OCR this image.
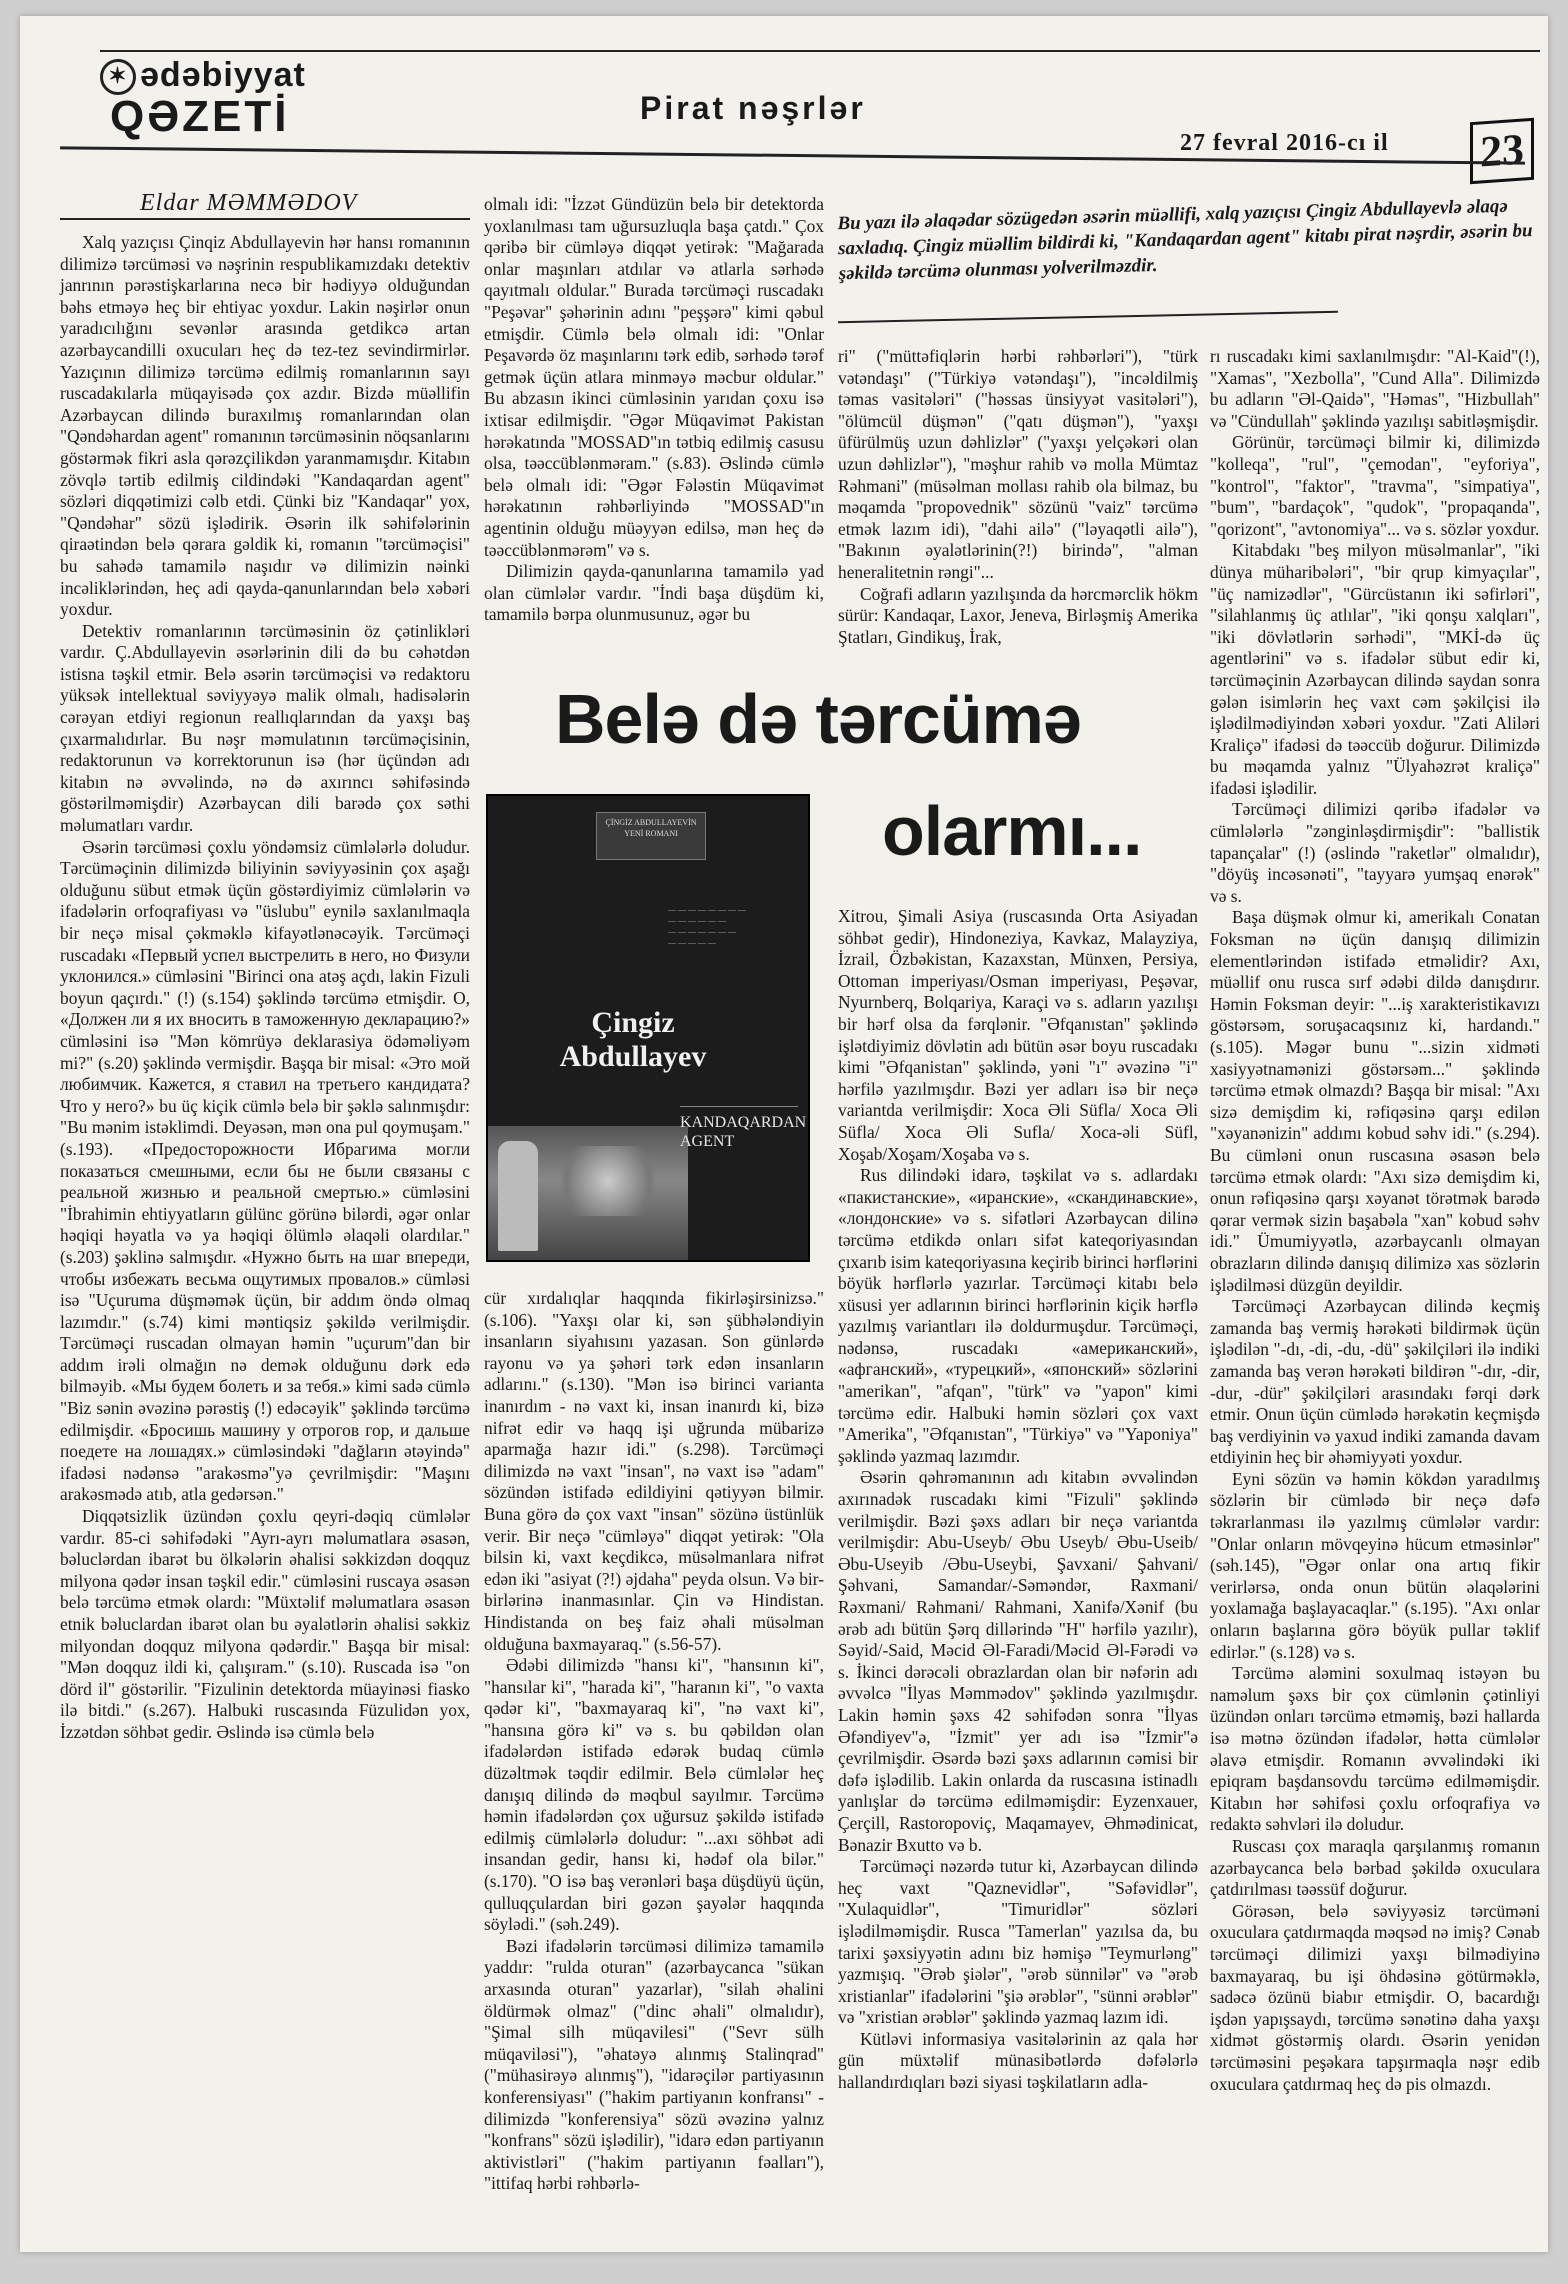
✶ ədəbiyyat
QƏZETİ	Pirat nəşrlər
27 fevral 2016-cı il 23
Eldar MƏMMƏDOV	Bu yazı ilə əlaqədar sözügedən əsərin müəllifi, xalq yazıçısı Çingiz Abdullayevlə əlaqə saxladıq. Çingiz müəllim bildirdi ki, "Kandaqardan agent" kitabı pirat nəşrdir, əsərin bu şəkildə tərcümə olunması yolverilməzdir.

Xalq yazıçısı Çinqiz Abdullayevin hər hansı romanının dilimizə tərcüməsi və nəşrinin respublikamızdakı detektiv janrının pərəstişkarlarına necə bir hədiyyə olduğundan bəhs etməyə heç bir ehtiyac yoxdur. Lakin nəşirlər onun yaradıcılığını sevənlər arasında getdikcə artan azərbaycandilli oxucuları heç də tez-tez sevindirmirlər. Yazıçının dilimizə tərcümə edilmiş romanlarının sayı ruscadakılarla müqayisədə çox azdır. Bizdə müəllifin Azərbaycan dilində buraxılmış romanlarından olan "Qəndəhardan agent" romanının tərcüməsinin nöqsanlarını göstərmək fikri asla qərəzçilikdən yaranmamışdır. Kitabın zövqlə tərtib edilmiş cildindəki "Kandaqardan agent" sözləri diqqətimizi cəlb etdi. Çünki biz "Kandaqar" yox, "Qəndəhar" sözü işlədirik. Əsərin ilk səhifələrinin qiraətindən belə qərara gəldik ki, romanın "tərcüməçisi" bu sahədə tamamilə naşıdır və dilimizin nəinki incəliklərindən, heç adi qayda-qanunlarından belə xəbəri yoxdur.

Detektiv romanlarının tərcüməsinin öz çətinlikləri vardır. Ç.Abdullayevin əsərlərinin dili də bu cəhətdən istisna təşkil etmir. Belə əsərin tərcüməçisi və redaktoru yüksək intellektual səviyyəyə malik olmalı, hadisələrin cərəyan etdiyi regionun reallıqlarından da yaxşı baş çıxarmalıdırlar. Bu nəşr məmulatının tərcüməçisinin, redaktorunun və korrektorunun isə (hər üçündən adı kitabın nə əvvəlində, nə də axırıncı səhifəsində göstərilməmişdir) Azərbaycan dili barədə çox səthi məlumatları vardır.

Əsərin tərcüməsi çoxlu yöndəmsiz cümlələrlə doludur. Tərcüməçinin dilimizdə biliyinin səviyyəsinin çox aşağı olduğunu sübut etmək üçün göstərdiyimiz cümlələrin və ifadələrin orfoqrafiyası və "üslubu" eynilə saxlanılmaqla bir neçə misal çəkməklə kifayətlənəcəyik. Tərcüməçi ruscadakı «Первый успел выстрелить в него, но Физули уклонился.» cümləsini "Birinci ona atəş açdı, lakin Fizuli boyun qaçırdı." (!) (s.154) şəklində tərcümə etmişdir. O, «Должен ли я их вносить в таможенную декларацию?» cümləsini isə "Mən kömrüyə deklarasiya ödəməliyəm mi?" (s.20) şəklində vermişdir. Başqa bir misal: «Это мой любимчик. Кажется, я ставил на третьего кандидата? Что у него?» bu üç kiçik cümlə belə bir şəklə salınmışdır: "Bu mənim istəklimdi. Deyəsən, mən ona pul qoymuşam." (s.193). «Предосторожности Ибрагима могли показаться смешными, если бы не были связаны с реальной жизнью и реальной смертью.» cümləsini "İbrahimin ehtiyyatların gülünc görünə bilərdi, əgər onlar həqiqi həyatla və ya həqiqi ölümlə əlaqəli olardılar." (s.203) şəklinə salmışdır. «Нужно быть на шаг впереди, чтобы избежать весьма ощутимых провалов.» cümləsi isə "Uçuruma düşməmək üçün, bir addım öndə olmaq lazımdır." (s.74) kimi məntiqsiz şəkildə verilmişdir. Tərcüməçi ruscadan olmayan həmin "uçurum"dan bir addım irəli olmağın nə demək olduğunu dərk edə bilməyib. «Мы будем болеть и за тебя.» kimi sadə cümlə "Biz sənin əvəzinə pərəstiş (!) edəcəyik" şəklində tərcümə edilmişdir. «Бросишь машину у отрогов гор, и дальше поедете на лошадях.» cümləsindəki "dağların ətəyində" ifadəsi nədənsə "arakəsmə"yə çevrilmişdir: "Maşını arakəsmədə atıb, atla gedərsən."

Diqqətsizlik üzündən çoxlu qeyri-dəqiq cümlələr vardır. 85-ci səhifədəki "Ayrı-ayrı məlumatlara əsasən, bəluclərdan ibarət bu ölkələrin əhalisi səkkizdən doqquz milyona qədər insan təşkil edir." cümləsini ruscaya əsasən belə tərcümə etmək olardı: "Müxtəlif məlumatlara əsasən etnik bəluclardan ibarət olan bu əyalətlərin əhalisi səkkiz milyondan doqquz milyona qədərdir." Başqa bir misal: "Mən doqquz ildi ki, çalışıram." (s.10). Ruscada isə "on dörd il" göstərilir. "Fizulinin detektordа müayinəsi fiasko ilə bitdi." (s.267). Halbuki ruscasında Füzulidən yox, İzzətdən söhbət gedir. Əslində isə cümlə belə

olmalı idi: "İzzət Gündüzün belə bir detektorda yoxlanılması tam uğursuzluqla başa çatdı." Çox qəribə bir cümləyə diqqət yetirək: "Mağarada onlar maşınları atdılar və atlarla sərhədə qayıtmalı oldular." Burada tərcüməçi ruscadakı "Peşəvar" şəhərinin adını "peşşərə" kimi qəbul etmişdir. Cümlə belə olmalı idi: "Onlar Peşavərdə öz maşınlarını tərk edib, sərhədə tərəf getmək üçün atlara minməyə məcbur oldular." Bu abzasın ikinci cümləsinin yarıdan çoxu isə ixtisar edilmişdir. "Əgər Müqavimət Pakistan hərəkatında "MOSSAD"ın tətbiq edilmiş casusu olsa, təəccüblənməram." (s.83). Əslində cümlə belə olmalı idi: "Əgər Fələstin Müqavimət hərəkatının rəhbərliyində "MOSSAD"ın agentinin olduğu müəyyən edilsə, mən heç də təəccüblənmərəm" və s.

Dilimizin qayda-qanunlarına tamamilə yad olan cümlələr vardır. "İndi başa düşdüm ki, tamamilə bərpa olunmusunuz, əgər bu

Belə də tərcümə
olarmı...
ÇİNGİZ ABDULLAYEVİN YENİ ROMANI
— — — — — — — —
— — — — — —
— — — — — — —
— — — — —
Çingiz Abdullayev
KANDAQARDAN AGENT

cür xırdalıqlar haqqında fikirləşirsinizsə." (s.106). "Yaxşı olar ki, sən şübhələndiyin insanların siyahısını yazasan. Son günlərdə rayonu və ya şəhəri tərk edən insanların adlarını." (s.130). "Mən isə birinci varianta inanırdım - nə vaxt ki, insan inanırdı ki, bizə nifrət edir və haqq işi uğrunda mübarizə aparmağa hazır idi." (s.298). Tərcüməçi dilimizdə nə vaxt "insan", nə vaxt isə "adam" sözündən istifadə edildiyini qətiyyən bilmir. Buna görə də çox vaxt "insan" sözünə üstünlük verir. Bir neçə "cümləyə" diqqət yetirək: "Ola bilsin ki, vaxt keçdikcə, müsəlmanlara nifrət edən iki "asiyat (?!) əjdaha" peyda olsun. Və bir-birlərinə inanmasınlar. Çin və Hindistan. Hindistanda on beş faiz əhali müsəlman olduğuna baxmayaraq." (s.56-57).

Ədəbi dilimizdə "hansı ki", "hansının ki", "hansılar ki", "harada ki", "haranın ki", "o vaxta qədər ki", "baxmayaraq ki", "nə vaxt ki", "hansına görə ki" və s. bu qəbildən olan ifadələrdən istifadə edərək budaq cümlə düzəltmək təqdir edilmir. Belə cümlələr heç danışıq dilində də məqbul sayılmır. Tərcümə həmin ifadələrdən çox uğursuz şəkildə istifadə edilmiş cümlələrlə doludur: "...axı söhbət adi insandan gedir, hansı ki, hədəf ola bilər." (s.170). "O isə baş verənləri başa düşdüyü üçün, qulluqçulardan biri gəzən şayələr haqqında söylədi." (səh.249).

Bəzi ifadələrin tərcüməsi dilimizə tamamilə yaddır: "rulda oturan" (azərbaycanca "sükan arxasında oturan" yazarlar), "silah əhalini öldürmək olmaz" ("dinc əhali" olmalıdır), "Şimal silh müqavilesi" ("Sevr sülh müqaviləsi"), "əhatəyə alınmış Stalinqrad" ("mühasirəyə alınmış"), "idarəçilər partiyasının konferensiyası" ("hakim partiyanın konfransı" - dilimizdə "konferensiya" sözü əvəzinə yalnız "konfrans" sözü işlədilir), "idarə edən partiyanın aktivistləri" ("hakim partiyanın fəalları"), "ittifaq hərbi rəhbərlə-

ri" ("müttəfiqlərin hərbi rəhbərləri"), "türk vətəndaşı" ("Türkiyə vətəndaşı"), "incəldilmiş təmas vasitələri" ("həssas ünsiyyət vasitələri"), "ölümcül düşmən" ("qatı düşmən"), "yaxşı üfürülmüş uzun dəhlizlər" ("yaxşı yelçəkəri olan uzun dəhlizlər"), "məşhur rahib və molla Mümtaz Rəhmani" (müsəlman mollası rahib ola bilmaz, bu məqamdа "propovednik" sözünü "vaiz" tərcümə etmək lazım idi), "dahi ailə" ("ləyaqətli ailə"), "Bakının əyalətlərinin(?!) birində", "alman heneralitetnin rəngi"...

Coğrafi adların yazılışında da hərcmərclik hökm sürür: Kandaqar, Laxor, Jeneva, Birləşmiş Amerika Ştatları, Gindikuş, İrak,

Xitrou, Şimali Asiya (ruscasında Orta Asiyadan söhbət gedir), Hindoneziya, Kavkaz, Malayziya, İzrail, Özbəkistan, Kazaxstan, Münxen, Persiya, Ottoman imperiyası/Osman imperiyası, Peşəvar, Nyurnberq, Bolqariya, Karaçi və s. adların yazılışı bir hərf olsa da fərqlənir. "Əfqanıstan" şəklində işlətdiyimiz dövlətin adı bütün əsər boyu ruscadakı kimi "Əfqanistan" şəklində, yəni "ı" əvəzinə "i" hərfilə yazılmışdır. Bəzi yer adları isə bir neçə variantda verilmişdir: Xoca Əli Süfla/ Xoca Əli Süfla/ Xoca Əli Sufla/ Xoca-əli Süfl, Xoşab/Xoşam/Xoşaba və s.

Rus dilindəki idarə, təşkilat və s. adlardakı «пакистанские», «иранские», «скандинавские», «лондонские» və s. sifətləri Azərbaycan dilinə tərcümə etdikdə onları sifət kateqoriyasından çıxarıb isim kateqoriyasına keçirib birinci hərflərini böyük hərflərlə yazırlar. Tərcüməçi kitabı belə xüsusi yer adlarının birinci hərflərinin kiçik hərflə yazılmış variantları ilə doldurmuşdur. Tərcüməçi, nədənsə, ruscadakı «американский», «афганский», «турецкий», «японский» sözlərini "amerikan", "afqan", "türk" və "yapon" kimi tərcümə edir. Halbuki həmin sözləri çox vaxt "Amerika", "Əfqanıstan", "Türkiyə" və "Yaponiya" şəklində yazmaq lazımdır.

Əsərin qəhrəmanının adı kitabın əvvəlindən axırınadək ruscadakı kimi "Fizuli" şəklində verilmişdir. Bəzi şəxs adları bir neçə variantda verilmişdir: Abu-Useyb/ Əbu Useyb/ Əbu-Useib/ Əbu-Useyib /Əbu-Useybi, Şavxani/ Şahvani/ Şəhvani, Samandar/-Səməndər, Raxmani/ Rəxmani/ Rəhmani/ Rahmani, Xanifə/Xənif (bu ərəb adı bütün Şərq dillərində "H" hərfilə yazılır), Səyid/-Said, Məcid Əl-Faradi/Məcid Əl-Fərədi və s. İkinci dərəcəli obrazlardan olan bir nəfərin adı əvvəlcə "İlyas Məmmədov" şəklində yazılmışdır. Lakin həmin şəxs 42 səhifədən sonra "İlyas Əfəndiyev"ə, "İzmit" yer adı isə "İzmir"ə çevrilmişdir. Əsərdə bəzi şəxs adlarının cəmisi bir dəfə işlədilib. Lakin onlarda da ruscasına istinadlı yanlışlar də tərcümə edilməmişdir: Eyzenxauer, Çerçill, Rastoropoviç, Maqamayev, Əhmədinicat, Bənazir Bxutto və b.

Tərcüməçi nəzərdə tutur ki, Azərbaycan dilində heç vaxt "Qaznevidlər", "Səfəvidlər", "Xulaquidlər", "Timuridlər" sözləri işlədilməmişdir. Ruscа "Tamerlan" yazılsa da, bu tarixi şəxsiyyətin adını biz həmişə "Teymurləng" yazmışıq. "Ərəb şiələr", "ərəb sünnilər" və "ərəb xristianlar" ifadələrini "şiə ərəblər", "sünni ərəblər" və "xristian ərəblər" şəklində yazmaq lazım idi.

Kütləvi informasiya vasitələrinin az qala hər gün müxtəlif münasibətlərdə dəfələrlə hallandırdıqları bəzi siyasi təşkilatların adla-

rı ruscadakı kimi saxlanılmışdır: "Al-Kaid"(!), "Xamas", "Xezbolla", "Cund Alla". Dilimizdə bu adların "Əl-Qaidə", "Həmas", "Hizbullah" və "Cündullah" şəklində yazılışı sabitləşmişdir.

Görünür, tərcüməçi bilmir ki, dilimizdə "kolleqa", "rul", "çemodan", "eyforiya", "kontrol", "faktor", "travma", "simpatiya", "bum", "bardaçok", "qudok", "propaqanda", "qorizont", "avtonomiya"... və s. sözlər yoxdur.

Kitabdakı "beş milyon müsəlmanlar", "iki dünya müharibələri", "bir qrup kimyaçılar", "üç namizədlər", "Gürcüstanın iki səfirləri", "silahlanmış üç atlılar", "iki qonşu xalqları", "iki dövlətlərin sərhədi", "MKİ-də üç agentlərini" və s. ifadələr sübut edir ki, tərcüməçinin Azərbaycan dilində saydan sonra gələn isimlərin heç vaxt cəm şəkilçisi ilə işlədilmədiyindən xəbəri yoxdur. "Zati Aliləri Kraliçə" ifadəsi də təəccüb doğurur. Dilimizdə bu məqamda yalnız "Ülyahəzrət kraliçə" ifadəsi işlədilir.

Tərcüməçi dilimizi qəribə ifadələr və cümlələrlə "zənginləşdirmişdir": "ballistik tapançalar" (!) (əslində "raketlər" olmalıdır), "döyüş incəsənəti", "tayyarə yumşaq enərək" və s.

Başa düşmək olmur ki, amerikalı Conatan Foksman nə üçün danışıq dilimizin elementlərindən istifadə etməlidir? Axı, müəllif onu rusca sırf ədəbi dildə danışdırır. Həmin Foksman deyir: "...iş xarakteristikavızı göstərsəm, soruşacaqsınız ki, hardandı." (s.105). Məgər bunu "...sizin xidməti xasiyyətnamənizi göstərsəm..." şəklində tərcümə etmək olmazdı? Başqa bir misal: "Axı sizə demişdim ki, rəfiqəsinə qarşı edilən "xəyanənizin" addımı kobud səhv idi." (s.294). Bu cümləni onun ruscasına əsasən belə tərcümə etmək olardı: "Axı sizə demişdim ki, onun rəfiqəsinə qarşı xəyanət törətmək barədə qərar vermək sizin başabəla "xan" kobud səhv idi." Ümumiyyətlə, azərbaycanlı olmayan obrazların dilində danışıq dilimizə xas sözlərin işlədilməsi düzgün deyildir.

Tərcüməçi Azərbaycan dilində keçmiş zamanda baş vermiş hərəkəti bildirmək üçün işlədilən "-dı, -di, -du, -dü" şəkilçiləri ilə indiki zamanda baş verən hərəkəti bildirən "-dır, -dir, -dur, -dür" şəkilçiləri arasındakı fərqi dərk etmir. Onun üçün cümlədə hərəkətin keçmişdə baş verdiyinin və yaxud indiki zamanda davam etdiyinin heç bir əhəmiyyəti yoxdur.

Eyni sözün və həmin kökdən yaradılmış sözlərin bir cümlədə bir neçə dəfə təkrarlanması ilə yazılmış cümlələr vardır: "Onlar onların mövqeyinə hücum etməsinlər" (səh.145), "Əgər onlar ona artıq fikir verirlərsə, onda onun bütün əlaqələrini yoxlamağa başlayacaqlar." (s.195). "Axı onlar onların başlarına görə böyük pullar təklif edirlər." (s.128) və s.

Tərcümə aləmini soxulmaq istəyən bu naməlum şəxs bir çox cümlənin çətinliyi üzündən onları tərcümə etməmiş, bəzi hallarda isə mətnə özündən ifadələr, hətta cümlələr əlavə etmişdir. Romanın əvvəlindəki iki epiqram başdansovdu tərcümə edilməmişdir. Kitabın hər səhifəsi çoxlu orfoqrafiya və redaktə səhvləri ilə doludur.

Ruscası çox maraqla qarşılanmış romanın azərbaycanca belə bərbad şəkildə oxuculara çatdırılması təəssüf doğurur.

Görəsən, belə səviyyəsiz tərcüməni oxuculara çatdırmaqda məqsəd nə imiş? Cənab tərcüməçi dilimizi yaxşı bilmədiyinə baxmayaraq, bu işi öhdəsinə götürməklə, sadəcə özünü biabır etmişdir. O, bacardığı işdən yapışsaydı, tərcümə sənətinə daha yaxşı xidmət göstərmiş olardı. Əsərin yenidən tərcüməsini peşəkara tapşırmaqla nəşr edib oxuculara çatdırmaq heç də pis olmazdı.
